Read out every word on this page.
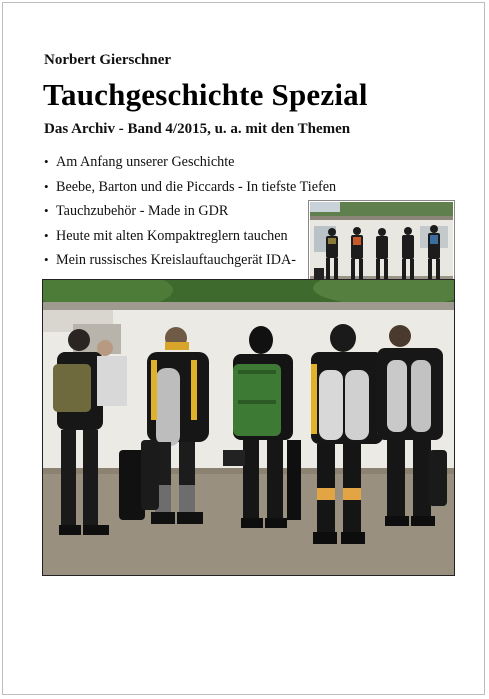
Norbert Gierschner
Tauchgeschichte Spezial
Das Archiv - Band 4/2015, u. a. mit den Themen
• Am Anfang unserer Geschichte
• Beebe, Barton und die Piccards - In tiefste Tiefen
• Tauchzubehör - Made in GDR
• Heute mit alten Kompaktreglern tauchen
• Mein russisches Kreislauftauchgerät IDA-
